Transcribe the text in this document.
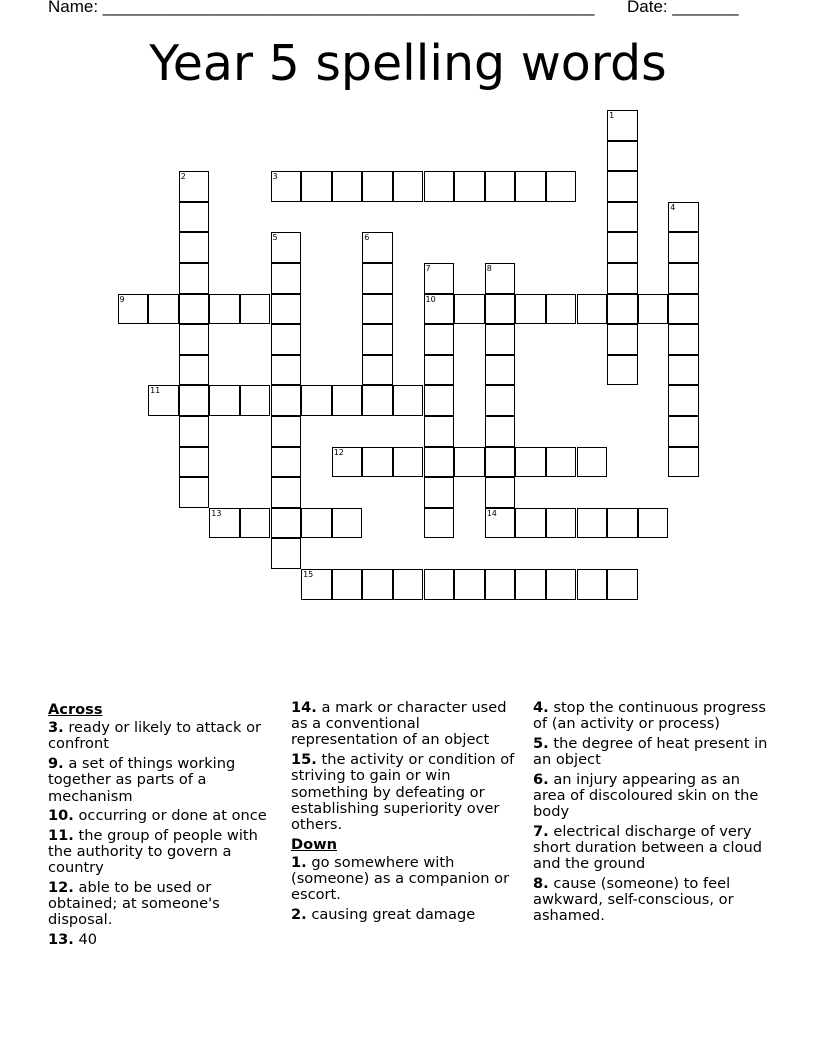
Name: ____________________________________________________ Date: _______
Year 5 spelling words
1
2	3
4
5	6
7
10
8
14
9
11
12
13
15
Across
3. ready or likely to attack or confront
9. a set of things working together as parts of a mechanism
10. occurring or done at once
11. the group of people with the authority to govern a country
12. able to be used or obtained; at someone's disposal.
13. 40
14. a mark or character used as a conventional representation of an object
15. the activity or condition of striving to gain or win something by defeating or establishing superiority over others.
Down
1. go somewhere with (someone) as a companion or escort.
2. causing great damage
4. stop the continuous progress of (an activity or process)
5. the degree of heat present in an object
6. an injury appearing as an area of discoloured skin on the body
7. electrical discharge of very short duration between a cloud and the ground
8. cause (someone) to feel awkward, self-conscious, or ashamed.
